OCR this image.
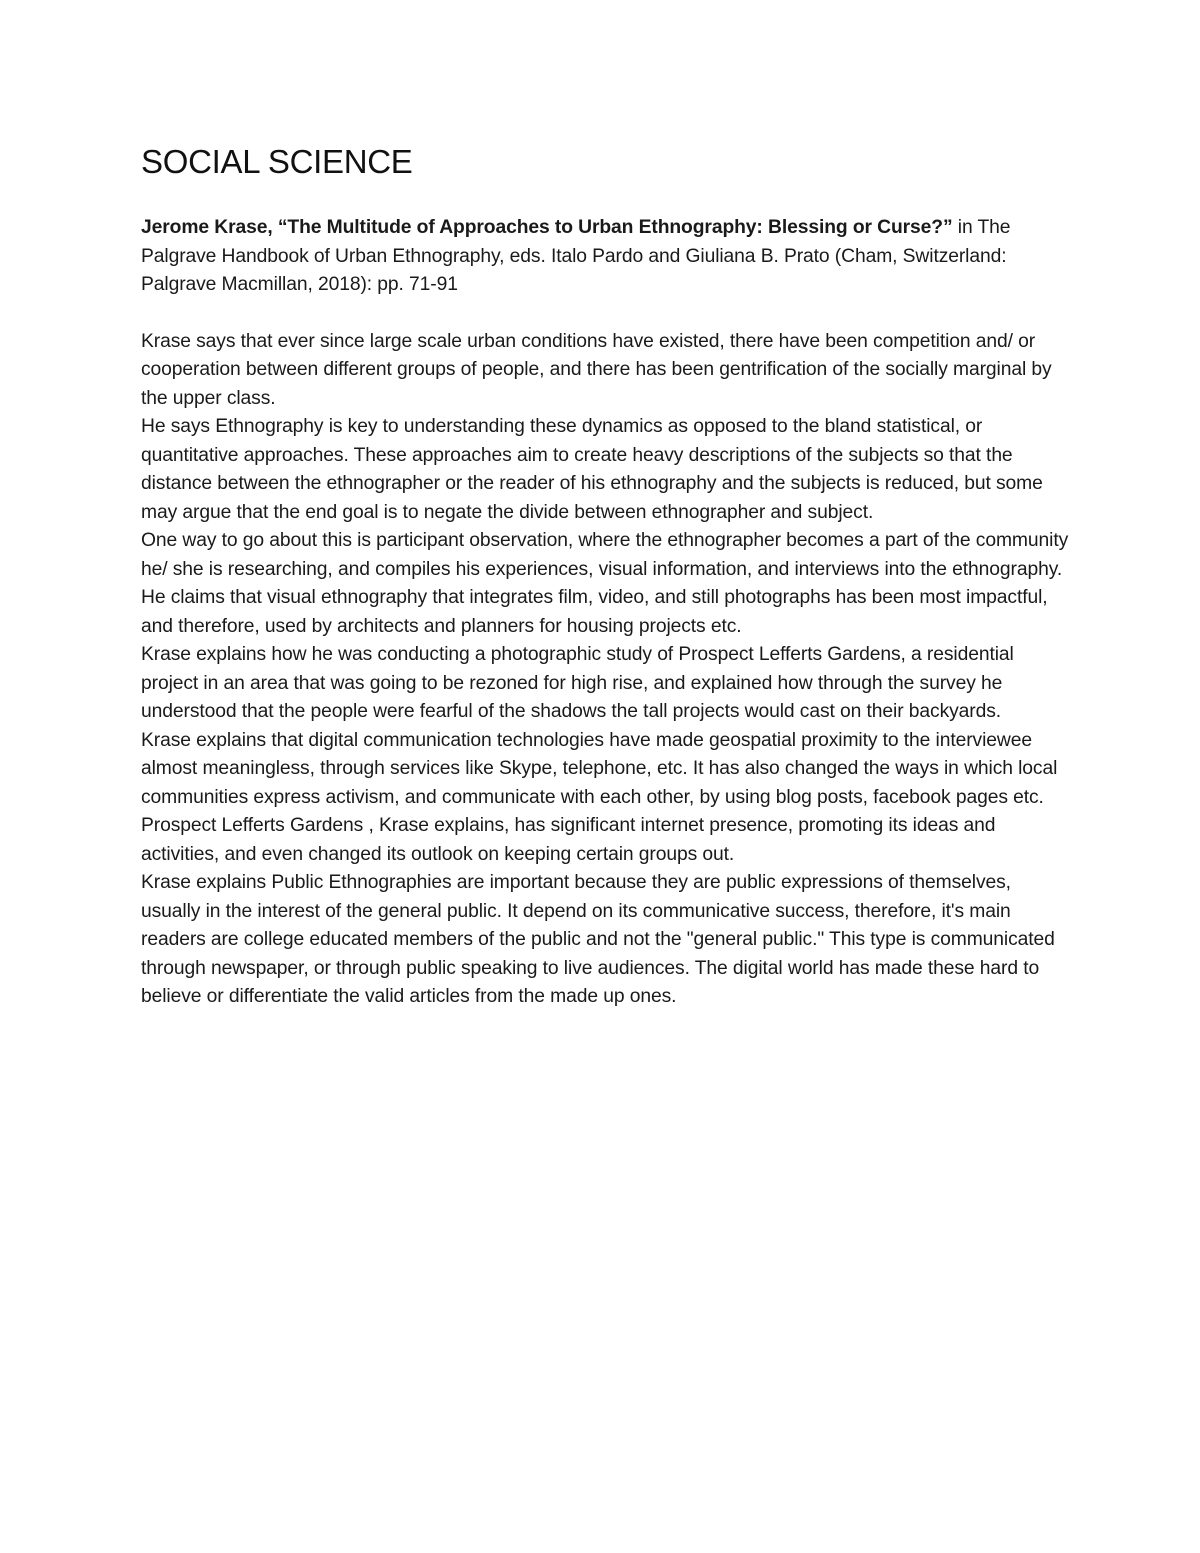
SOCIAL SCIENCE

Jerome Krase, “The Multitude of Approaches to Urban Ethnography: Blessing or Curse?” in The Palgrave Handbook of Urban Ethnography, eds. Italo Pardo and Giuliana B. Prato (Cham, Switzerland: Palgrave Macmillan, 2018): pp. 71-91

Krase says that ever since large scale urban conditions have existed, there have been competition and/ or cooperation between different groups of people, and there has been gentrification of the socially marginal by the upper class.

He says Ethnography is key to understanding these dynamics as opposed to the bland statistical, or quantitative approaches. These approaches aim to create heavy descriptions of the subjects so that the distance between the ethnographer or the reader of his ethnography and the subjects is reduced, but some may argue that the end goal is to negate the divide between ethnographer and subject.

One way to go about this is participant observation, where the ethnographer becomes a part of the community he/ she is researching, and compiles his experiences, visual information, and interviews into the ethnography.

He claims that visual ethnography that integrates film, video, and still photographs has been most impactful, and therefore, used by architects and planners for housing projects etc.

Krase explains how he was conducting a photographic study of Prospect Lefferts Gardens, a residential project in an area that was going to be rezoned for high rise, and explained how through the survey he understood that the people were fearful of the shadows the tall projects would cast on their backyards.

Krase explains that digital communication technologies have made geospatial proximity to the interviewee almost meaningless, through services like Skype, telephone, etc. It has also changed the ways in which local communities express activism, and communicate with each other, by using blog posts, facebook pages etc. Prospect Lefferts Gardens , Krase explains, has significant internet presence, promoting its ideas and activities, and even changed its outlook on keeping certain groups out.

Krase explains Public Ethnographies are important because they are public expressions of themselves, usually in the interest of the general public. It depend on its communicative success, therefore, it's main readers are college educated members of the public and not the "general public." This type is communicated through newspaper, or through public speaking to live audiences. The digital world has made these hard to believe or differentiate the valid articles from the made up ones.
